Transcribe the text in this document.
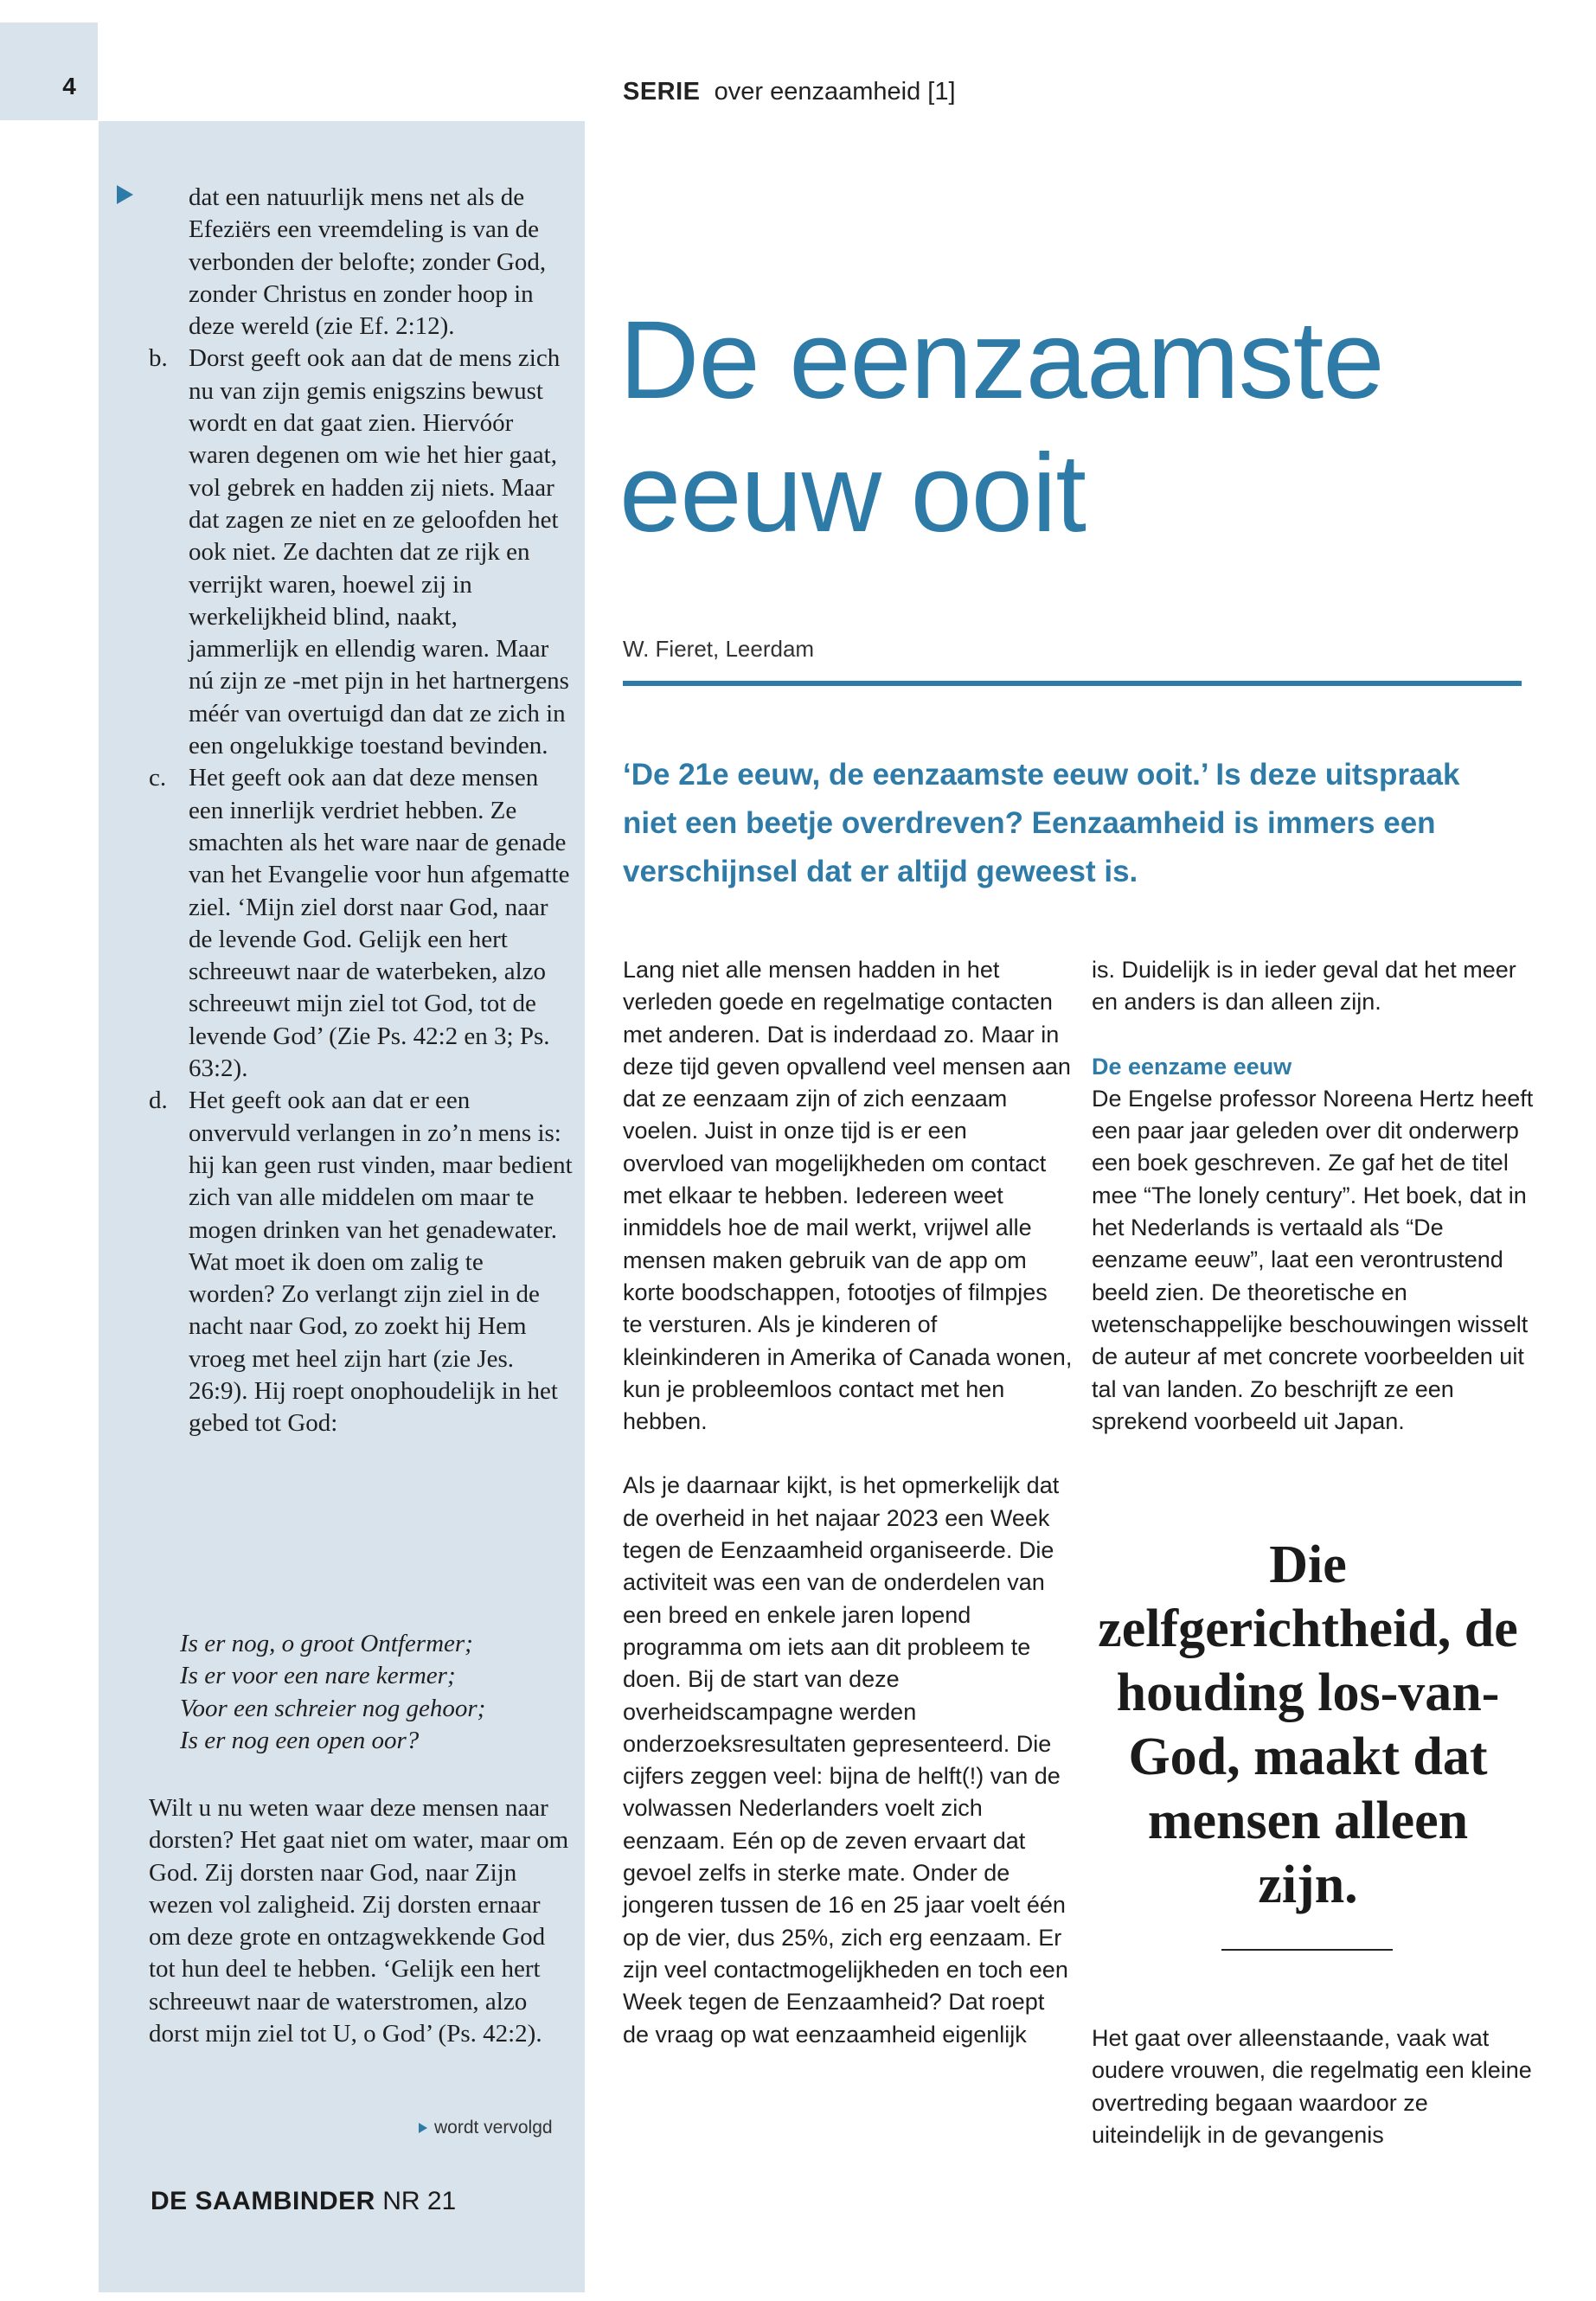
4	SERIE over eenzaamheid [1]
dat een natuurlijk mens net als de Efeziërs een vreemdeling is van de verbonden der belofte; zonder God, zonder Christus en zonder hoop in deze wereld (zie Ef. 2:12).
b. Dorst geeft ook aan dat de mens zich nu van zijn gemis enigszins bewust wordt en dat gaat zien. Hiervóór waren degenen om wie het hier gaat, vol gebrek en hadden zij niets. Maar dat zagen ze niet en ze geloofden het ook niet. Ze dachten dat ze rijk en verrijkt waren, hoewel zij in werkelijkheid blind, naakt, jammerlijk en ellendig waren. Maar nú zijn ze -met pijn in het hartnergens méér van overtuigd dan dat ze zich in een ongelukkige toestand bevinden.
c. Het geeft ook aan dat deze mensen een innerlijk verdriet hebben. Ze smachten als het ware naar de genade van het Evangelie voor hun afgematte ziel. ‘Mijn ziel dorst naar God, naar de levende God. Gelijk een hert schreeuwt naar de waterbeken, alzo schreeuwt mijn ziel tot God, tot de levende God’ (Zie Ps. 42:2 en 3; Ps. 63:2).
d. Het geeft ook aan dat er een onvervuld verlangen in zo’n mens is: hij kan geen rust vinden, maar bedient zich van alle middelen om maar te mogen drinken van het genadewater. Wat moet ik doen om zalig te worden? Zo verlangt zijn ziel in de nacht naar God, zo zoekt hij Hem vroeg met heel zijn hart (zie Jes. 26:9). Hij roept onophoudelijk in het gebed tot God:
Is er nog, o groot Ontfermer;
Is er voor een nare kermer;
Voor een schreier nog gehoor;
Is er nog een open oor?
Wilt u nu weten waar deze mensen naar dorsten? Het gaat niet om water, maar om God. Zij dorsten naar God, naar Zijn wezen vol zaligheid. Zij dorsten ernaar om deze grote en ontzagwekkende God tot hun deel te hebben. ‘Gelijk een hert schreeuwt naar de waterstromen, alzo dorst mijn ziel tot U, o God’ (Ps. 42:2).
wordt vervolgd
DE SAAMBINDER NR 21
De eenzaamste
eeuw ooit
W. Fieret, Leerdam
‘De 21e eeuw, de eenzaamste eeuw ooit.’ Is deze uitspraak niet een beetje overdreven? Eenzaamheid is immers een verschijnsel dat er altijd geweest is.

Lang niet alle mensen hadden in het verleden goede en regelmatige contacten met anderen. Dat is inderdaad zo. Maar in deze tijd geven opvallend veel mensen aan dat ze eenzaam zijn of zich eenzaam voelen. Juist in onze tijd is er een overvloed van mogelijkheden om contact met elkaar te hebben. Iedereen weet inmiddels hoe de mail werkt, vrijwel alle mensen maken gebruik van de app om korte boodschappen, fotootjes of filmpjes te versturen. Als je kinderen of kleinkinderen in Amerika of Canada wonen, kun je probleemloos contact met hen hebben.

Als je daarnaar kijkt, is het opmerkelijk dat de overheid in het najaar 2023 een Week tegen de Eenzaamheid organiseerde. Die activiteit was een van de onderdelen van een breed en enkele jaren lopend programma om iets aan dit probleem te doen. Bij de start van deze overheidscampagne werden onderzoeksresultaten gepresenteerd. Die cijfers zeggen veel: bijna de helft(!) van de volwassen Nederlanders voelt zich eenzaam. Eén op de zeven ervaart dat gevoel zelfs in sterke mate. Onder de jongeren tussen de 16 en 25 jaar voelt één op de vier, dus 25%, zich erg eenzaam. Er zijn veel contactmogelijkheden en toch een Week tegen de Eenzaamheid? Dat roept de vraag op wat eenzaamheid eigenlijk

is. Duidelijk is in ieder geval dat het meer en anders is dan alleen zijn.

De eenzame eeuw

De Engelse professor Noreena Hertz heeft een paar jaar geleden over dit onderwerp een boek geschreven. Ze gaf het de titel mee “The lonely century”. Het boek, dat in het Nederlands is vertaald als “De eenzame eeuw”, laat een verontrustend beeld zien. De theoretische en wetenschappelijke beschouwingen wisselt de auteur af met concrete voorbeelden uit tal van landen. Zo beschrijft ze een sprekend voorbeeld uit Japan.

Die zelfgerichtheid, de houding los-van-God, maakt dat mensen alleen zijn.

Het gaat over alleenstaande, vaak wat oudere vrouwen, die regelmatig een kleine overtreding begaan waardoor ze uiteindelijk in de gevangenis
